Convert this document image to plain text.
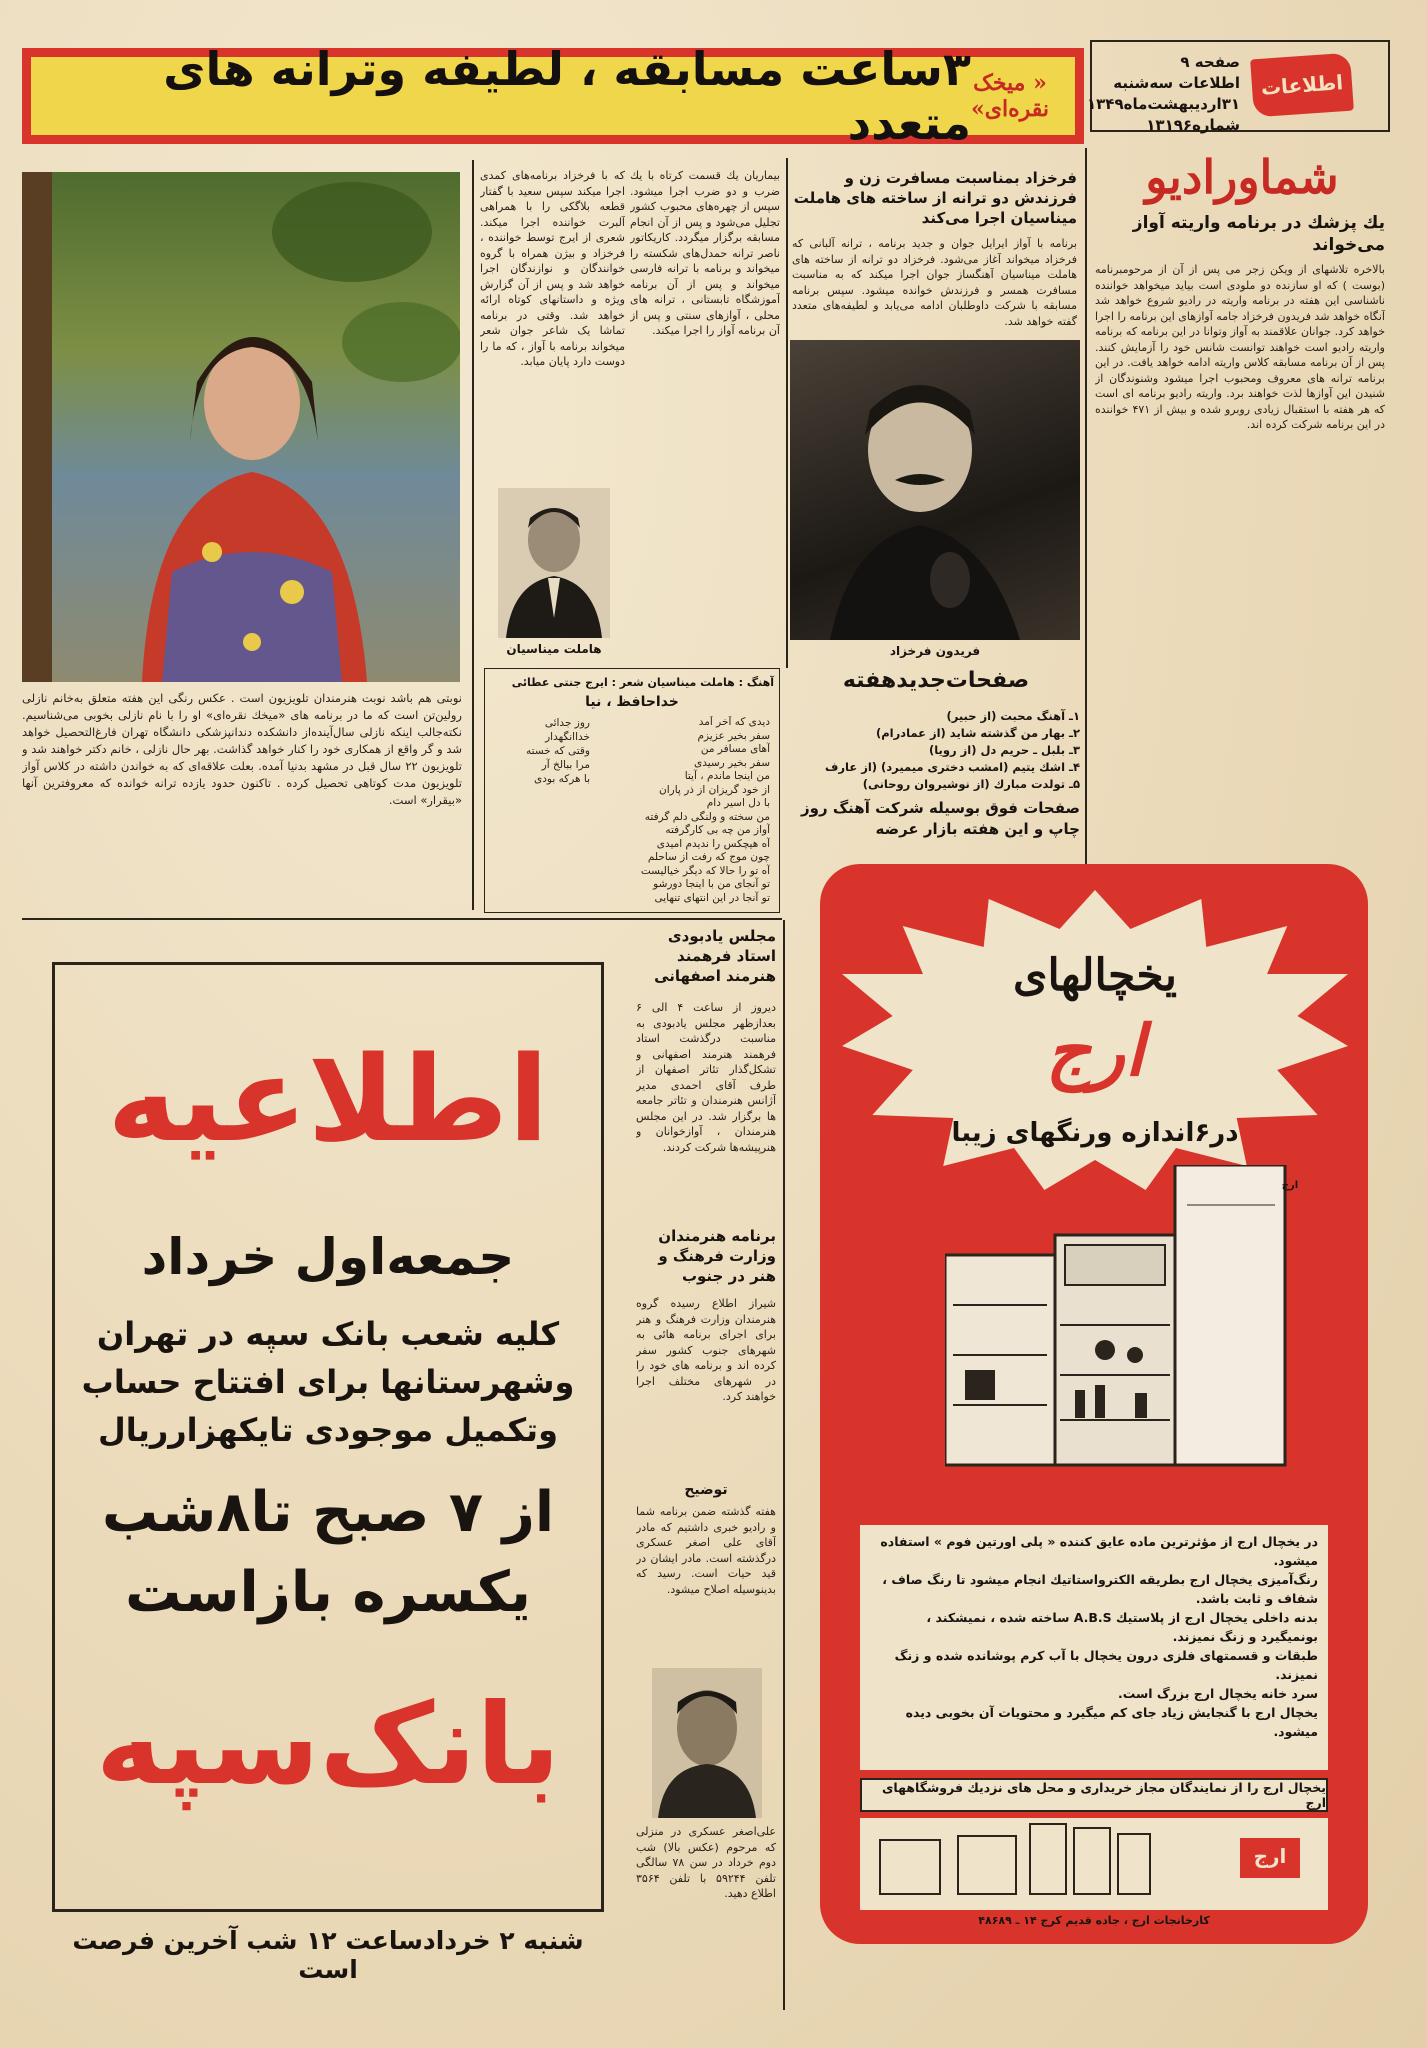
« میخک
نقره‌ای»
۳ساعت مسابقه ، لطیفه وترانه های متعدد
اطلاعات
صفحه ۹
اطلاعات سه‌شنبه
۳۱اردیبهشت‌ماه۱۳۴۹
شماره۱۳۱۹۶
شماورادیو
یك پزشك در برنامه واریته آواز می‌خواند
بالاخره تلاشهای از ویكن زجر می پس از آن از مرحومبرنامه (بوست ) که او سازنده دو ملودی است بیاید میخواهد خواننده ناشناسی این هفته در برنامه واریته در رادیو شروع خواهد شد آنگاه خواهد شد فریدون فرخزاد جامه آوازهای این برنامه را اجرا خواهد کرد. جوانان علاقمند به آواز وتوانا در این برنامه که برنامه واریته رادیو است خواهند توانست شانس خود را آزمایش کنند. پس از آن برنامه مسابقه کلاس واریته ادامه خواهد یافت. در این برنامه ترانه های معروف ومحبوب اجرا میشود وشنوندگان از شنیدن این آوازها لذت خواهند برد. واریته رادیو برنامه ای است که هر هفته با استقبال زیادی روبرو شده و بیش از ۴۷۱ خواننده در این برنامه شرکت کرده اند.
فرخزاد بمناسبت مسافرت زن و فرزندش دو ترانه از ساخته های هاملت میناسیان اجرا می‌کند
برنامه با آواز ایرایل جوان و جدید برنامه ، ترانه آلبانی که فرخزاد میخواند آغاز می‌شود. فرخزاد دو ترانه از ساخته های هاملت میناسیان آهنگساز جوان اجرا میکند که به مناسبت مسافرت همسر و فرزندش خوانده میشود. سپس برنامه مسابقه با شرکت داوطلبان ادامه می‌یابد و لطیفه‌های متعدد گفته خواهد شد.
بیماریان یك قسمت كرتاه با یك ضرب و دو ضرب اجرا میشود. سپس از چهره‌های محبوب کشور تجلیل می‌شود و پس از آن انجام مسابقه برگزار میگردد. کاریکاتور ناصر ترانه حمدل‌های شکسته را میخواند و برنامه با ترانه فارسی میخواند و پس از آن برنامه آموزشگاه تابستانی ، ترانه های محلی ، آوازهای سنتی و پس از آن برنامه آواز را اجرا میکند.
که با فرخزاد برنامه‌های کمدی اجرا میکند سپس سعید با گفتار قطعه بلاگکی را با همراهی آلبرت خواننده اجرا میکند. شعری از ایرج توسط خواننده ، فرخزاد و بیژن همراه با گروه خوانندگان و نوازندگان اجرا خواهد شد و پس از آن گزارش ویژه و داستانهای کوتاه ارائه خواهد شد. وقتی در برنامه تماشا یک شاعر جوان شعر میخواند برنامه با آواز ، که ما را دوست دارد پایان میابد.
فریدون فرخزاد
هاملت میناسیان
آهنگ : هاملت میناسیان شعر : ایرج جنتی عطائی
خداحافظ ، نیا
دیدی که آخر آمد
سفر بخیر عزیزم
آهای مسافر من
سفر بخیر رسیدی
من اینجا ماندم ، آیتا
از خود گریزان از ذر پاران
با دل اسیر دام
من سخته و ولنگی دلم گرفته
آواز من چه بی کارگرفته
آه هیچکس را ندیدم امیدی
چون موج که رفت از ساحلم
آه تو را حالا که دیگر خیالیست
تو آنجای من با اینجا دورشو
تو آنجا در این انتهای تنهایی
روز جدائی
خداانگهدار
وقتی که خسته
مرا ببالخ آر
با هرکه بودی
صفحات‌جدیدهفته
۱ـ آهنگ محبت (از حبیر)
۲ـ بهار من گذشته شاید (از عمادرام)
۳ـ بلبل ـ حریم دل (از رویا)
۴ـ اشك یتیم (امشب دختری میمیرد) (از عارف
۵ـ تولدت مبارك (از نوشیروان روحانی)
صفحات فوق بوسیله شرکت آهنگ روز چاپ و این هفته بازار عرضه
نوبتی هم باشد نوبت هنرمندان تلویزیون است . عکس رنگی این هفته متعلق به‌خانم نازلی رولین‌تن است که ما در برنامه های «میخك نقره‌ای» او را با نام نازلی بخوبی می‌شناسیم. نکته‌جالب اینکه نازلی سال‌آینده‌از دانشکده دندانپزشکی دانشگاه تهران فارغ‌التحصیل خواهد شد و گر واقع از همکاری خود را کنار خواهد گذاشت. بهر حال نازلی ، خانم دکتر خواهند شد و تلویزیون ۲۲ سال قبل در مشهد بدنیا آمده. بعلت علاقه‌ای که به خواندن داشته در کلاس آواز تلویزیون مدت کوتاهی تحصیل کرده . تاکنون حدود یازده ترانه خوانده که معروفترین آنها «بیقرار» است.
مجلس یادبودی استاد فرهمند هنرمند اصفهانی
دیروز از ساعت ۴ الی ۶ بعدازظهر مجلس یادبودی به مناسبت درگذشت استاد فرهمند هنرمند اصفهانی و تشکل‌گذار تئاتر اصفهان از طرف آقای احمدی مدیر آژانس هنرمندان و تئاتر جامعه ها برگزار شد. در این مجلس هنرمندان ، آوازخوانان و هنرپیشه‌ها شرکت کردند.
برنامه هنرمندان وزارت فرهنگ و هنر در جنوب
شیراز اطلاع رسیده گروه هنرمندان وزارت فرهنگ و هنر برای اجرای برنامه هائی به شهرهای جنوب کشور سفر کرده اند و برنامه های خود را در شهرهای مختلف اجرا خواهند کرد.
توضیح
هفته گذشته ضمن برنامه شما و رادیو خبری داشتیم که مادر آقای علی اصغر عسکری درگذشته است. مادر ایشان در قید حیات است. رسید که بدینوسیله اصلاح میشود.
علی‌اصغر عسکری در منزلی که مرحوم (عکس بالا) شب دوم خرداد در سن ۷۸ سالگی تلفن ۵۹۲۴۴ با تلفن ۳۵۶۴ اطلاع دهید.
اطلاعیه
جمعه‌اول خرداد
کلیه شعب بانک سپه در تهران
وشهرستانها برای افتتاح حساب
وتکمیل موجودی تایکهزارریال
از ۷ صبح تا۸شب
یکسره بازاست
بانک‌سپه
شنبه ۲ خردادساعت ۱۲ شب آخرین فرصت است
یخچالهای
ارج
در۶اندازه ورنگهای زیبا
ارج
در یخچال ارج از مؤثرترین ماده عایق کننده « پلی اورتین فوم » استفاده میشود.
رنگ‌آمیزی یخچال ارج بطریقه الکترواستاتیك انجام میشود تا رنگ صاف ، شفاف و ثابت باشد.
بدنه داخلی یخچال ارج از پلاستیك A.B.S ساخته شده ، نمیشکند ، بونمیگیرد و زنگ نمیزند.
طبقات و قسمتهای فلزی درون یخچال با آب کرم پوشانده شده و زنگ نمیزند.
سرد خانه یخچال ارج بزرگ است.
یخچال ارج با گنجایش زیاد جای کم میگیرد و محتویات آن بخوبی دیده میشود.
یخچال ارج را از نمایندگان مجاز خریداری و محل های نزدیك فروشگاههای ارج
ارج
کارخانجات ارج ، جاده قدیم کرج ۱۴ ـ ۴۸۶۸۹
